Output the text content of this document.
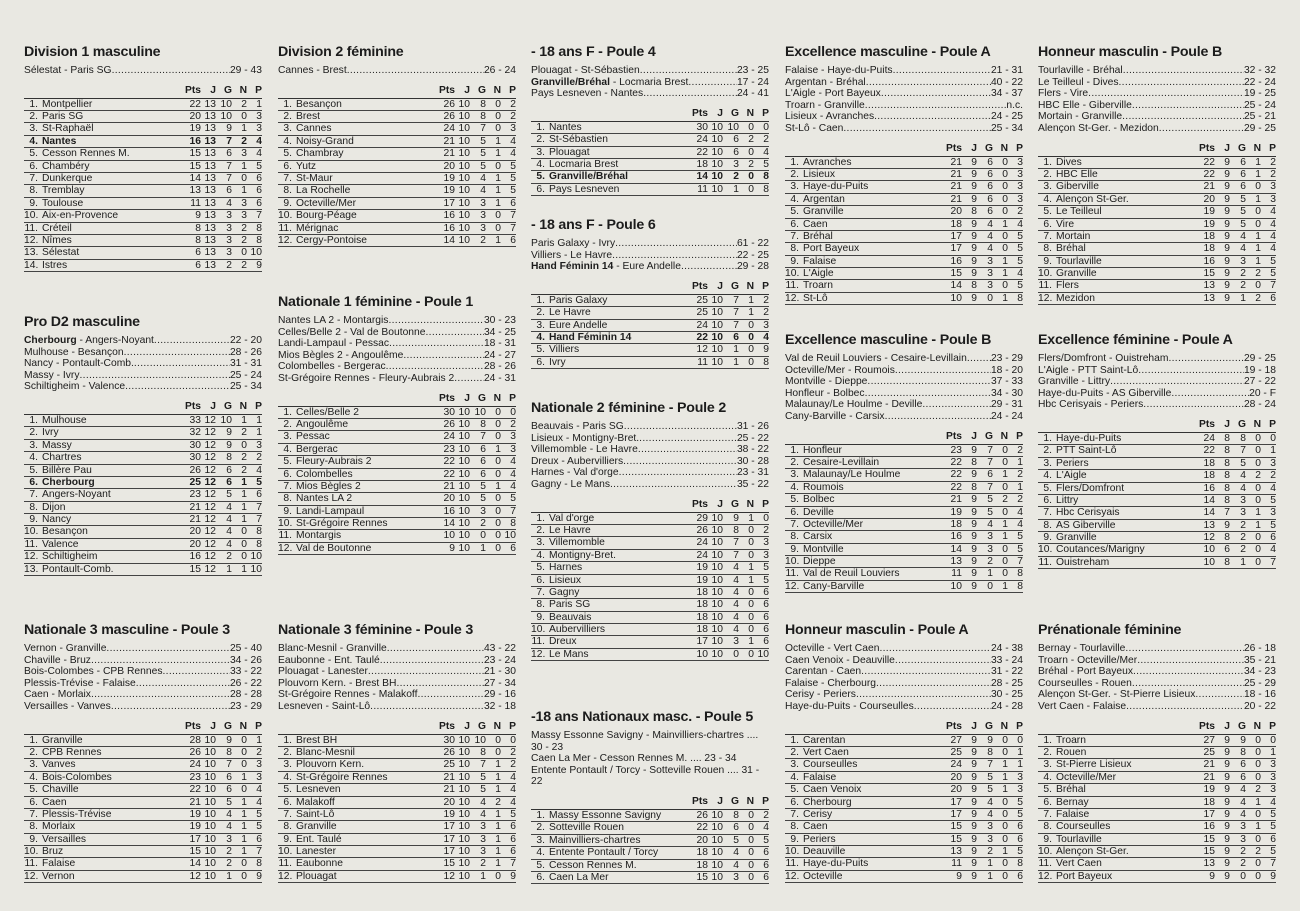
Division 1 masculine
Sélestat - Paris SG .....	29 - 43
Pts J G N P
1. Montpellier	22 13 10 2 1
2. Paris SG	20 13 10 0 3
3. St-Raphaël	19 13 9 1 3
4. Nantes	16 13 7 2 4
5. Cesson Rennes M.	15 13 6 3 4
6. Chambéry	15 13 7 1 5
7. Dunkerque	14 13 7 0 6
8. Tremblay	13 13 6 1 6
9. Toulouse	11 13 4 3 6
10. Aix-en-Provence	9 13 3 3 7
11. Créteil	8 13 3 2 8
12. Nîmes	8 13 3 2 8
13. Sélestat	6 13 3 0 10
14. Istres	6 13 2 2 9
Pro D2 masculine
Cherbourg - Angers-Noyant .....	22 - 20
Mulhouse - Besançon .....	28 - 26
Nancy - Pontault-Comb. .....	31 - 31
Massy - Ivry .....	25 - 24
Schiltigheim - Valence .....	25 - 34
Pts J G N P
1. Mulhouse	33 12 10 1 1
2. Ivry	32 12 9 2 1
3. Massy	30 12 9 0 3
4. Chartres	30 12 8 2 2
5. Billère Pau	26 12 6 2 4
6. Cherbourg	25 12 6 1 5
7. Angers-Noyant	23 12 5 1 6
8. Dijon	21 12 4 1 7
9. Nancy	21 12 4 1 7
10. Besançon	20 12 4 0 8
11. Valence	20 12 4 0 8
12. Schiltigheim	16 12 2 0 10
13. Pontault-Comb.	15 12 1 1 10
Nationale 3 masculine - Poule 3
Vernon - Granville .....	25 - 40
Chaville - Bruz .....	34 - 26
Bois-Colombes - CPB Rennes .....	33 - 22
Plessis-Trévise - Falaise .....	26 - 22
Caen - Morlaix .....	28 - 28
Versailles - Vanves .....	23 - 29
Pts J G N P
1. Granville	28 10 9 0 1
2. CPB Rennes	26 10 8 0 2
3. Vanves	24 10 7 0 3
4. Bois-Colombes	23 10 6 1 3
5. Chaville	22 10 6 0 4
6. Caen	21 10 5 1 4
7. Plessis-Trévise	19 10 4 1 5
8. Morlaix	19 10 4 1 5
9. Versailles	17 10 3 1 6
10. Bruz	15 10 2 1 7
11. Falaise	14 10 2 0 8
12. Vernon	12 10 1 0 9
Division 2 féminine
Cannes - Brest .....	26 - 24
Pts J G N P
1. Besançon	26 10 8 0 2
2. Brest	26 10 8 0 2
3. Cannes	24 10 7 0 3
4. Noisy-Grand	21 10 5 1 4
5. Chambray	21 10 5 1 4
6. Yutz	20 10 5 0 5
7. St-Maur	19 10 4 1 5
8. La Rochelle	19 10 4 1 5
9. Octeville/Mer	17 10 3 1 6
10. Bourg-Péage	16 10 3 0 7
11. Mérignac	16 10 3 0 7
12. Cergy-Pontoise	14 10 2 1 6
Nationale 1 féminine - Poule 1
Nantes LA 2 - Montargis .....	30 - 23
Celles/Belle 2 - Val de Boutonne .....	34 - 25
Landi-Lampaul - Pessac .....	18 - 31
Mios Bègles 2 - Angoulême .....	24 - 27
Colombelles - Bergerac .....	28 - 26
St-Grégoire Rennes - Fleury-Aubrais 2 .....	24 - 31
Pts J G N P
1. Celles/Belle 2	30 10 10 0 0
2. Angoulême	26 10 8 0 2
3. Pessac	24 10 7 0 3
4. Bergerac	23 10 6 1 3
5. Fleury-Aubrais 2	22 10 6 0 4
6. Colombelles	22 10 6 0 4
7. Mios Bègles 2	21 10 5 1 4
8. Nantes LA 2	20 10 5 0 5
9. Landi-Lampaul	16 10 3 0 7
10. St-Grégoire Rennes	14 10 2 0 8
11. Montargis	10 10 0 0 10
12. Val de Boutonne	9 10 1 0 6
Nationale 3 féminine - Poule 3
Blanc-Mesnil - Granville .....	43 - 22
Eaubonne - Ent. Taulé .....	23 - 24
Plouagat - Lanester .....	21 - 30
Plouvorn Kern. - Brest BH .....	27 - 34
St-Grégoire Rennes - Malakoff .....	29 - 16
Lesneven - Saint-Lô .....	32 - 18
Pts J G N P
1. Brest BH	30 10 10 0 0
2. Blanc-Mesnil	26 10 8 0 2
3. Plouvorn Kern.	25 10 7 1 2
4. St-Grégoire Rennes	21 10 5 1 4
5. Lesneven	21 10 5 1 4
6. Malakoff	20 10 4 2 4
7. Saint-Lô	19 10 4 1 5
8. Granville	17 10 3 1 6
9. Ent. Taulé	17 10 3 1 6
10. Lanester	17 10 3 1 6
11. Eaubonne	15 10 2 1 7
12. Plouagat	12 10 1 0 9
- 18 ans F - Poule 4
Plouagat - St-Sébastien .....	23 - 25
Granville/Bréhal - Locmaria Brest .....	17 - 24
Pays Lesneven - Nantes .....	24 - 41
Pts J G N P
1. Nantes	30 10 10 0 0
2. St-Sébastien	24 10 6 2 2
3. Plouagat	22 10 6 0 4
4. Locmaria Brest	18 10 3 2 5
5. Granville/Bréhal	14 10 2 0 8
6. Pays Lesneven	11 10 1 0 8
- 18 ans F - Poule 6
Paris Galaxy - Ivry .....	61 - 22
Villiers - Le Havre .....	22 - 25
Hand Féminin 14 - Eure Andelle .....	29 - 28
Pts J G N P
1. Paris Galaxy	25 10 7 1 2
2. Le Havre	25 10 7 1 2
3. Eure Andelle	24 10 7 0 3
4. Hand Féminin 14	22 10 6 0 4
5. Villiers	12 10 1 0 9
6. Ivry	11 10 1 0 8
Nationale 2 féminine - Poule 2
Beauvais - Paris SG .....	31 - 26
Lisieux - Montigny-Bret. .....	25 - 22
Villemomble - Le Havre .....	38 - 22
Dreux - Aubervilliers .....	30 - 28
Harnes - Val d'orge .....	23 - 31
Gagny - Le Mans .....	35 - 22
Pts J G N P
1. Val d'orge	29 10 9 1 0
2. Le Havre	26 10 8 0 2
3. Villemomble	24 10 7 0 3
4. Montigny-Bret.	24 10 7 0 3
5. Harnes	19 10 4 1 5
6. Lisieux	19 10 4 1 5
7. Gagny	18 10 4 0 6
8. Paris SG	18 10 4 0 6
9. Beauvais	18 10 4 0 6
10. Aubervilliers	18 10 4 0 6
11. Dreux	17 10 3 1 6
12. Le Mans	10 10 0 0 10
-18 ans Nationaux masc. - Poule 5
Massy Essonne Savigny - Mainvilliers-chartres .... 30 - 23
Caen La Mer - Cesson Rennes M. .... 23 - 34
Entente Pontault / Torcy - Sotteville Rouen .... 31 - 22
Pts J G N P
1. Massy Essonne Savigny	26 10 8 0 2
2. Sotteville Rouen	22 10 6 0 4
3. Mainvilliers-chartres	20 10 5 0 5
4. Entente Pontault / Torcy	18 10 4 0 6
5. Cesson Rennes M.	18 10 4 0 6
6. Caen La Mer	15 10 3 0 6
Excellence masculine - Poule A
Falaise - Haye-du-Puits .....	21 - 31
Argentan - Bréhal .....	40 - 22
L'Aigle - Port Bayeux .....	34 - 37
Troarn - Granville .....	n.c.
Lisieux - Avranches .....	24 - 25
St-Lô - Caen .....	25 - 34
Pts J G N P
1. Avranches	21 9 6 0 3
2. Lisieux	21 9 6 0 3
3. Haye-du-Puits	21 9 6 0 3
4. Argentan	21 9 6 0 3
5. Granville	20 8 6 0 2
6. Caen	18 9 4 1 4
7. Bréhal	17 9 4 0 5
8. Port Bayeux	17 9 4 0 5
9. Falaise	16 9 3 1 5
10. L'Aigle	15 9 3 1 4
11. Troarn	14 8 3 0 5
12. St-Lô	10 9 0 1 8
Excellence masculine - Poule B
Val de Reuil Louviers - Cesaire-Levillain ..... 23 - 29
Octeville/Mer - Roumois .....	18 - 20
Montville - Dieppe .....	37 - 33
Honfleur - Bolbec .....	34 - 30
Malaunay/Le Houlme - Deville .....	29 - 31
Cany-Barville - Carsix .....	24 - 24
Pts J G N P
1. Honfleur	23 9 7 0 2
2. Cesaire-Levillain	22 8 7 0 1
3. Malaunay/Le Houlme	22 9 6 1 2
4. Roumois	22 8 7 0 1
5. Bolbec	21 9 5 2 2
6. Deville	19 9 5 0 4
7. Octeville/Mer	18 9 4 1 4
8. Carsix	16 9 3 1 5
9. Montville	14 9 3 0 5
10. Dieppe	13 9 2 0 7
11. Val de Reuil Louviers	11 9 1 0 8
12. Cany-Barville	10 9 0 1 8
Honneur masculin - Poule A
Octeville - Vert Caen .....	24 - 38
Caen Venoix - Deauville .....	33 - 24
Carentan - Caen .....	31 - 22
Falaise - Cherbourg .....	28 - 25
Cerisy - Periers .....	30 - 25
Haye-du-Puits - Courseulles .....	24 - 28
Pts J G N P
1. Carentan	27 9 9 0 0
2. Vert Caen	25 9 8 0 1
3. Courseulles	24 9 7 1 1
4. Falaise	20 9 5 1 3
5. Caen Venoix	20 9 5 1 3
6. Cherbourg	17 9 4 0 5
7. Cerisy	17 9 4 0 5
8. Caen	15 9 3 0 6
9. Periers	15 9 3 0 6
10. Deauville	13 9 2 1 5
11. Haye-du-Puits	11 9 1 0 8
12. Octeville	9 9 1 0 6
Honneur masculin - Poule B
Tourlaville - Bréhal .....	32 - 32
Le Teilleul - Dives .....	22 - 24
Flers - Vire .....	19 - 25
HBC Elle - Giberville .....	25 - 24
Mortain - Granville .....	25 - 21
Alençon St-Ger. - Mezidon .....	29 - 25
Pts J G N P
1. Dives	22 9 6 1 2
2. HBC Elle	22 9 6 1 2
3. Giberville	21 9 6 0 3
4. Alençon St-Ger.	20 9 5 1 3
5. Le Teilleul	19 9 5 0 4
6. Vire	19 9 5 0 4
7. Mortain	18 9 4 1 4
8. Bréhal	18 9 4 1 4
9. Tourlaville	16 9 3 1 5
10. Granville	15 9 2 2 5
11. Flers	13 9 2 0 7
12. Mezidon	13 9 1 2 6
Excellence féminine - Poule A
Flers/Domfront - Ouistreham .....	29 - 25
L'Aigle - PTT Saint-Lô .....	19 - 18
Granville - Littry .....	27 - 22
Haye-du-Puits - AS Giberville .....	20 - F
Hbc Cerisyais - Periers .....	28 - 24
Pts J G N P
1. Haye-du-Puits	24 8 8 0 0
2. PTT Saint-Lô	22 8 7 0 1
3. Periers	18 8 5 0 3
4. L'Aigle	18 8 4 2 2
5. Flers/Domfront	16 8 4 0 4
6. Littry	14 8 3 0 5
7. Hbc Cerisyais	14 7 3 1 3
8. AS Giberville	13 9 2 1 5
9. Granville	12 8 2 0 6
10. Coutances/Marigny	10 6 2 0 4
11. Ouistreham	10 8 1 0 7
Prénationale féminine
Bernay - Tourlaville .....	26 - 18
Troarn - Octeville/Mer .....	35 - 21
Bréhal - Port Bayeux .....	34 - 23
Courseulles - Rouen .....	25 - 29
Alençon St-Ger. - St-Pierre Lisieux .....	18 - 16
Vert Caen - Falaise .....	20 - 22
Pts J G N P
1. Troarn	27 9 9 0 0
2. Rouen	25 9 8 0 1
3. St-Pierre Lisieux	21 9 6 0 3
4. Octeville/Mer	21 9 6 0 3
5. Bréhal	19 9 4 2 3
6. Bernay	18 9 4 1 4
7. Falaise	17 9 4 0 5
8. Courseulles	16 9 3 1 5
9. Tourlaville	15 9 3 0 6
10. Alençon St-Ger.	15 9 2 2 5
11. Vert Caen	13 9 2 0 7
12. Port Bayeux	9 9 0 0 9
